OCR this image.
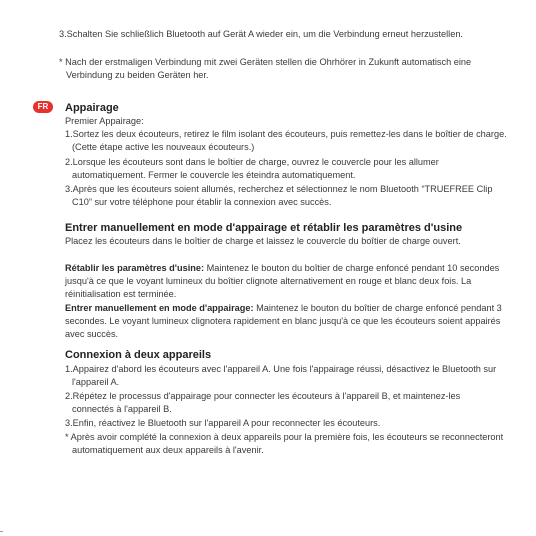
3.Schalten Sie schließlich Bluetooth auf Gerät A wieder ein, um die Verbindung erneut herzustellen.

* Nach der erstmaligen Verbindung mit zwei Geräten stellen die Ohrhörer in Zukunft automatisch eine Verbindung zu beiden Geräten her.

FR	Appairage

Premier Appairage:

1.Sortez les deux écouteurs, retirez le film isolant des écouteurs, puis remettez-les dans le boîtier de charge. (Cette étape active les nouveaux écouteurs.)

2.Lorsque les écouteurs sont dans le boîtier de charge, ouvrez le couvercle pour les allumer automatiquement. Fermer le couvercle les éteindra automatiquement.

3.Après que les écouteurs soient allumés, recherchez et sélectionnez le nom Bluetooth “TRUEFREE Clip C10” sur votre téléphone pour établir la connexion avec succès.

Entrer manuellement en mode d'appairage et rétablir les paramètres d'usine

Placez les écouteurs dans le boîtier de charge et laissez le couvercle du boîtier de charge ouvert.

Rétablir les paramètres d'usine: Maintenez le bouton du boîtier de charge enfoncé pendant 10 secondes jusqu'à ce que le voyant lumineux du boîtier clignote alternativement en rouge et blanc deux fois. La réinitialisation est terminée.

Entrer manuellement en mode d'appairage: Maintenez le bouton du boîtier de charge enfoncé pendant 3 secondes. Le voyant lumineux clignotera rapidement en blanc jusqu'à ce que les écouteurs soient appairés avec succès.

Connexion à deux appareils

1.Appairez d'abord les écouteurs avec l'appareil A. Une fois l'appairage réussi, désactivez le Bluetooth sur l'appareil A.

2.Répétez le processus d'appairage pour connecter les écouteurs à l'appareil B, et maintenez-les connectés à l'appareil B.

3.Enfin, réactivez le Bluetooth sur l'appareil A pour reconnecter les écouteurs.

* Après avoir complété la connexion à deux appareils pour la première fois, les écouteurs se reconnecteront automatiquement aux deux appareils à l'avenir.
